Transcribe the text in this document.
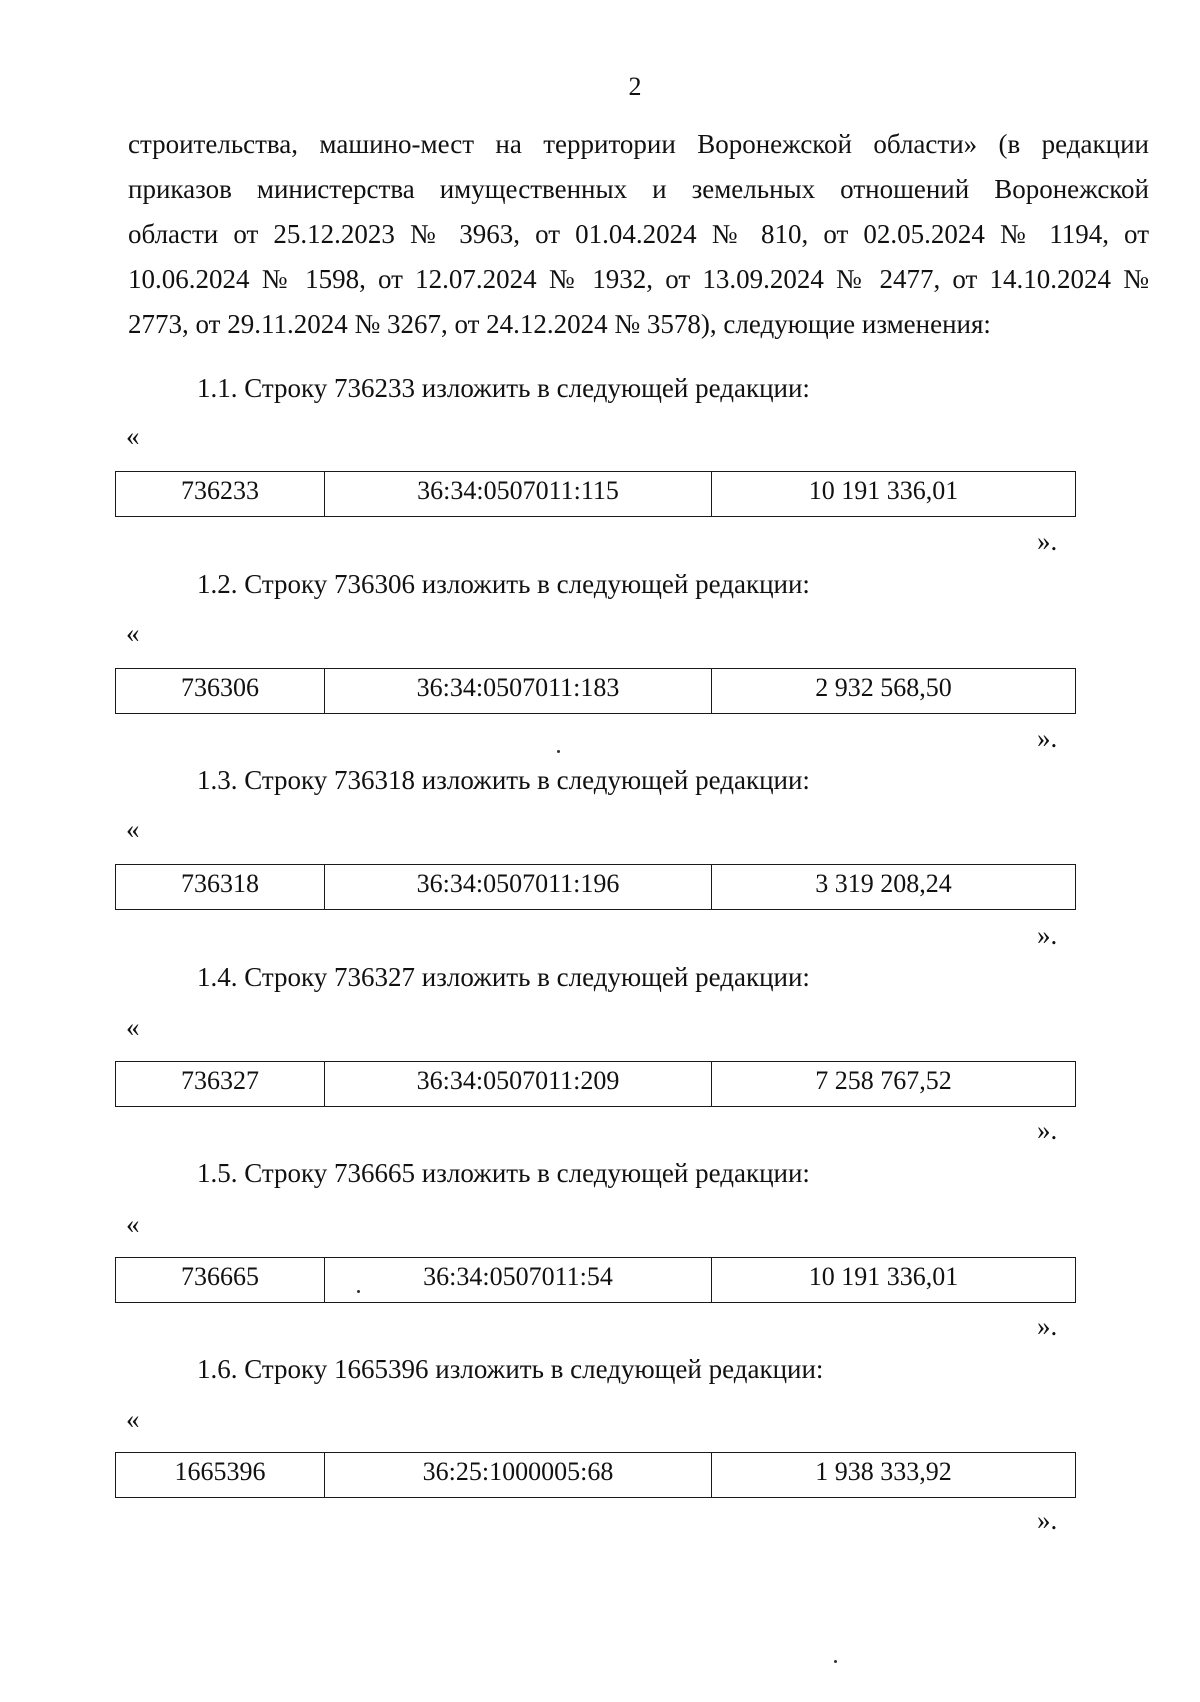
2
строительства, машино-мест на территории Воронежской области» (в редакции
приказов министерства имущественных и земельных отношений Воронежской
области от 25.12.2023 № 3963, от 01.04.2024 № 810, от 02.05.2024 № 1194, от
10.06.2024 № 1598, от 12.07.2024 № 1932, от 13.09.2024 № 2477, от 14.10.2024 №
2773, от 29.11.2024 № 3267, от 24.12.2024 № 3578), следующие изменения:
1.1. Строку 736233 изложить в следующей редакции:
«
736233	36:34:0507011:115	10 191 336,01
».
1.2. Строку 736306 изложить в следующей редакции:
«
736306	36:34:0507011:183	2 932 568,50
».
1.3. Строку 736318 изложить в следующей редакции:
«
736318	36:34:0507011:196	3 319 208,24
».
1.4. Строку 736327 изложить в следующей редакции:
«
736327	36:34:0507011:209	7 258 767,52
».
1.5. Строку 736665 изложить в следующей редакции:
«
736665	36:34:0507011:54	10 191 336,01
».
1.6. Строку 1665396 изложить в следующей редакции:
«
1665396	36:25:1000005:68	1 938 333,92
».
